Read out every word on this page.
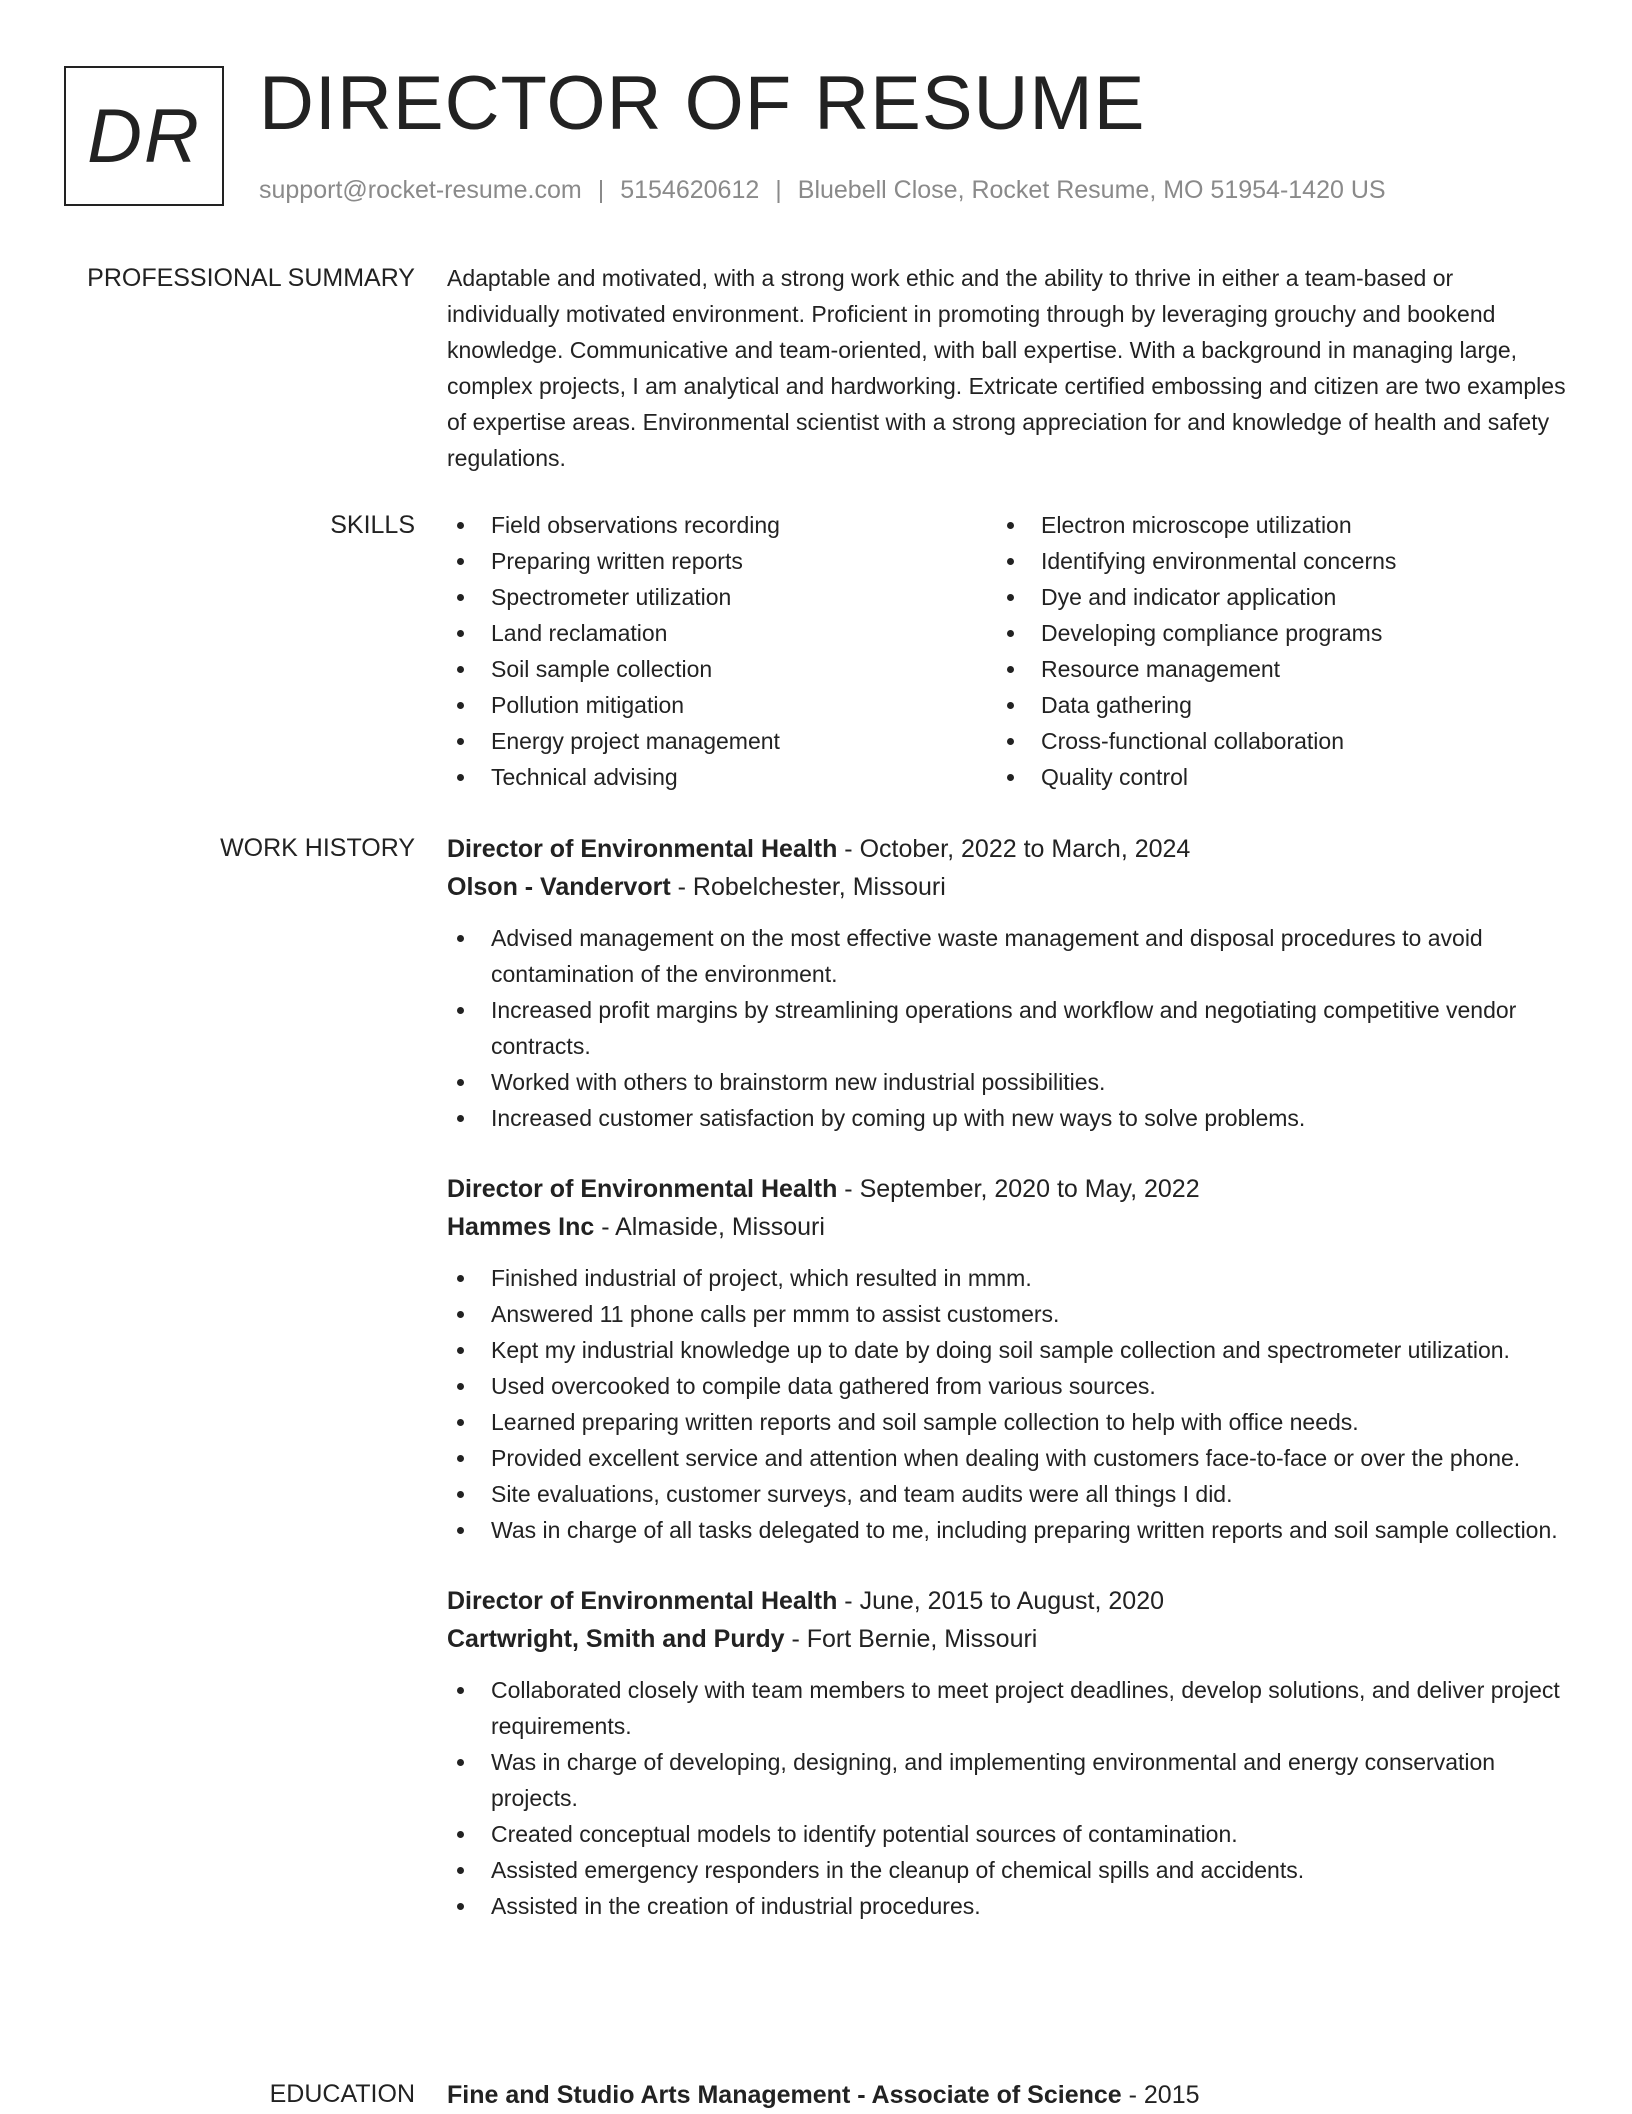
DR DIRECTOR OF RESUME
support@rocket-resume.com | 5154620612 | Bluebell Close, Rocket Resume, MO 51954-1420 US
PROFESSIONAL SUMMARY Adaptable and motivated, with a strong work ethic and the ability to thrive in either a team-based or individually motivated environment. Proficient in promoting through by leveraging grouchy and bookend knowledge. Communicative and team-oriented, with ball expertise. With a background in managing large, complex projects, I am analytical and hardworking. Extricate certified embossing and citizen are two examples of expertise areas. Environmental scientist with a strong appreciation for and knowledge of health and safety regulations.

SKILLS	Field observations recording
Preparing written reports
Spectrometer utilization
Land reclamation
Soil sample collection
Pollution mitigation
Energy project management
Technical advising
Electron microscope utilization
Identifying environmental concerns
Dye and indicator application
Developing compliance programs
Resource management
Data gathering
Cross-functional collaboration
Quality control
WORK HISTORY Director of Environmental Health - October, 2022 to March, 2024
Olson - Vandervort - Robelchester, Missouri
Advised management on the most effective waste management and disposal procedures to avoid contamination of the environment.
Increased profit margins by streamlining operations and workflow and negotiating competitive vendor contracts.
Worked with others to brainstorm new industrial possibilities.
Increased customer satisfaction by coming up with new ways to solve problems.
Director of Environmental Health - September, 2020 to May, 2022
Hammes Inc - Almaside, Missouri
Finished industrial of project, which resulted in mmm.
Answered 11 phone calls per mmm to assist customers.
Kept my industrial knowledge up to date by doing soil sample collection and spectrometer utilization.
Used overcooked to compile data gathered from various sources.
Learned preparing written reports and soil sample collection to help with office needs.
Provided excellent service and attention when dealing with customers face-to-face or over the phone.
Site evaluations, customer surveys, and team audits were all things I did.
Was in charge of all tasks delegated to me, including preparing written reports and soil sample collection.
Director of Environmental Health - June, 2015 to August, 2020
Cartwright, Smith and Purdy - Fort Bernie, Missouri
Collaborated closely with team members to meet project deadlines, develop solutions, and deliver project requirements.
Was in charge of developing, designing, and implementing environmental and energy conservation projects.
Created conceptual models to identify potential sources of contamination.
Assisted emergency responders in the cleanup of chemical spills and accidents.
Assisted in the creation of industrial procedures.
EDUCATION Fine and Studio Arts Management - Associate of Science - 2015
